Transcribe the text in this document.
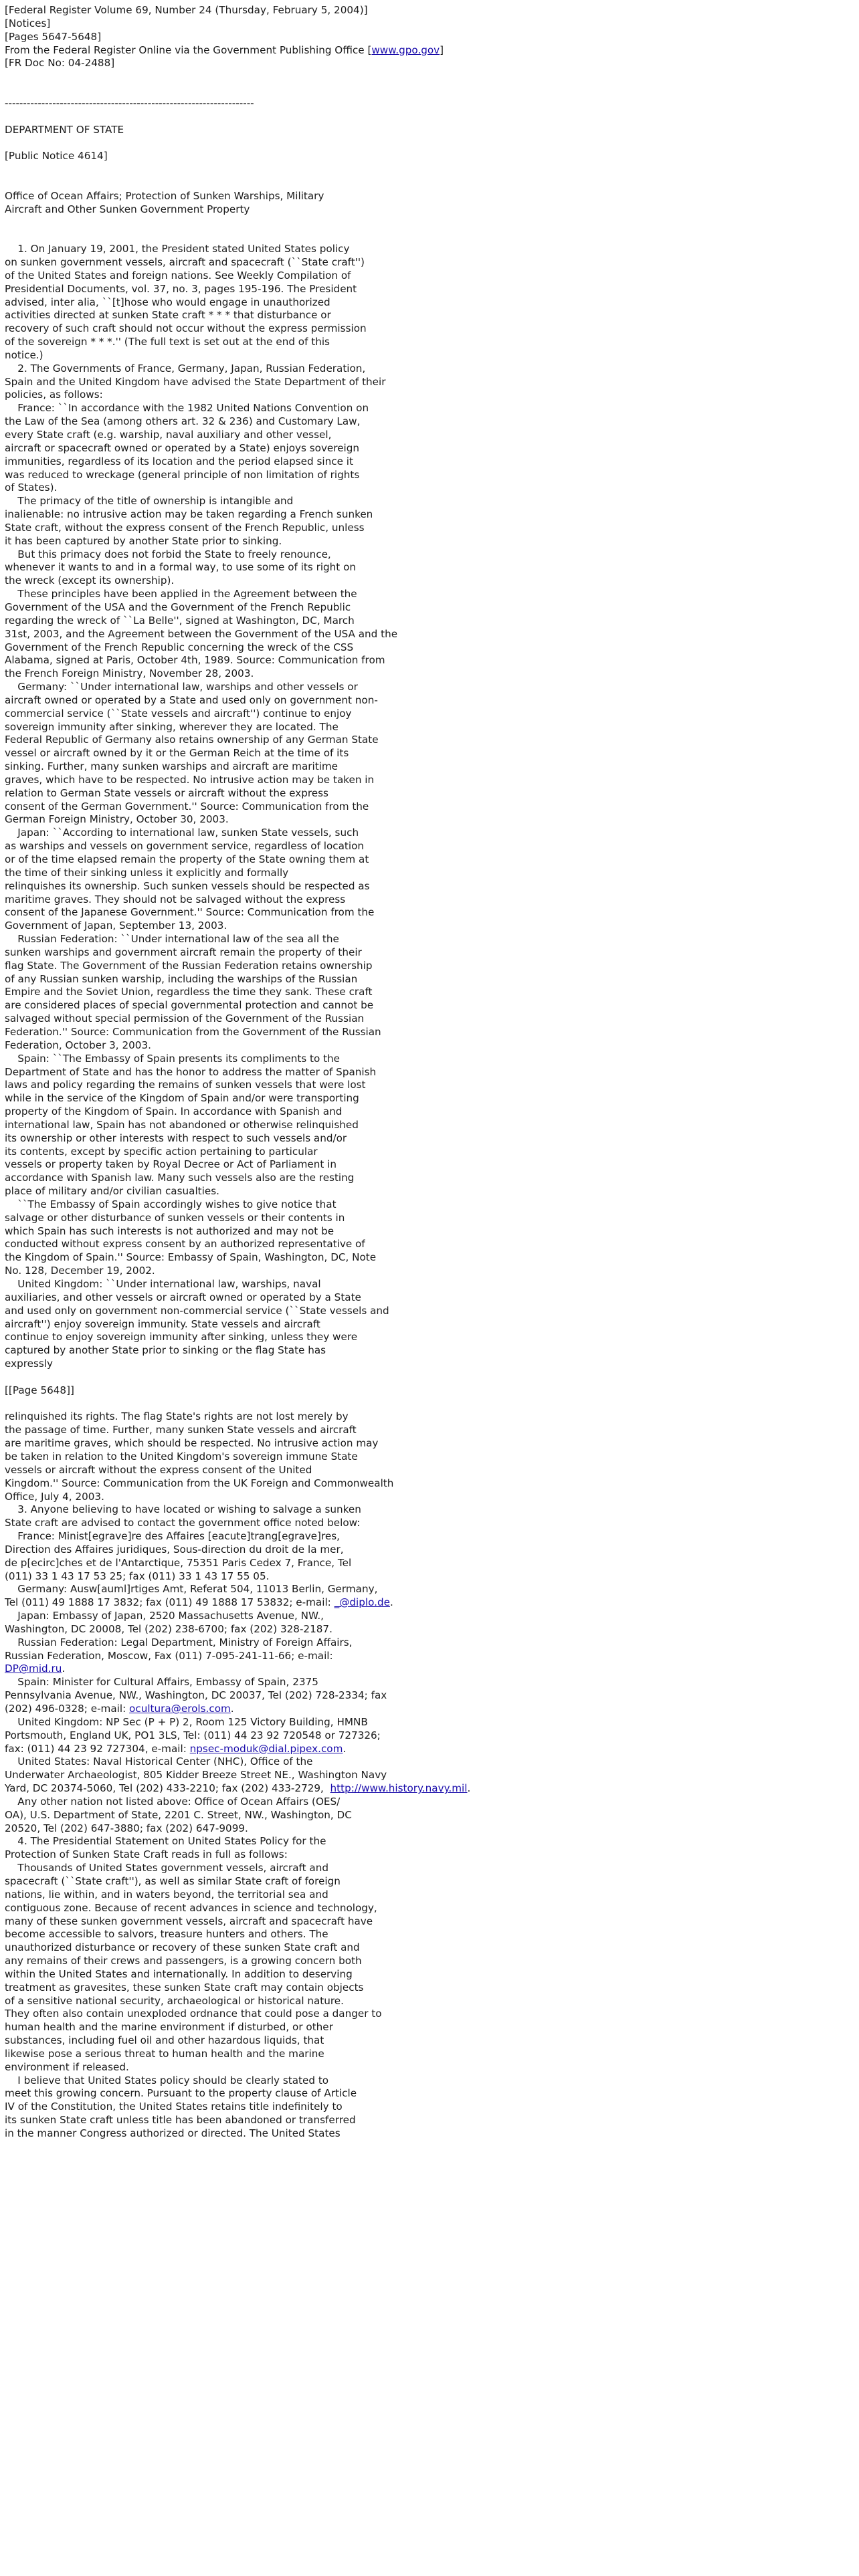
[Federal Register Volume 69, Number 24 (Thursday, February 5, 2004)]
[Notices]
[Pages 5647-5648]
From the Federal Register Online via the Government Publishing Office [www.gpo.gov]
[FR Doc No: 04-2488]

--------------------------------------------------------------------

DEPARTMENT OF STATE

[Public Notice 4614]

Office of Ocean Affairs; Protection of Sunken Warships, Military
Aircraft and Other Sunken Government Property

1. On January 19, 2001, the President stated United States policy
on sunken government vessels, aircraft and spacecraft (``State craft'')
of the United States and foreign nations. See Weekly Compilation of
Presidential Documents, vol. 37, no. 3, pages 195-196. The President
advised, inter alia, ``[t]hose who would engage in unauthorized
activities directed at sunken State craft * * * that disturbance or
recovery of such craft should not occur without the express permission
of the sovereign * * *.'' (The full text is set out at the end of this
notice.)
2. The Governments of France, Germany, Japan, Russian Federation,
Spain and the United Kingdom have advised the State Department of their
policies, as follows:
France: ``In accordance with the 1982 United Nations Convention on
the Law of the Sea (among others art. 32 & 236) and Customary Law,
every State craft (e.g. warship, naval auxiliary and other vessel,
aircraft or spacecraft owned or operated by a State) enjoys sovereign
immunities, regardless of its location and the period elapsed since it
was reduced to wreckage (general principle of non limitation of rights
of States).
The primacy of the title of ownership is intangible and
inalienable: no intrusive action may be taken regarding a French sunken
State craft, without the express consent of the French Republic, unless
it has been captured by another State prior to sinking.
But this primacy does not forbid the State to freely renounce,
whenever it wants to and in a formal way, to use some of its right on
the wreck (except its ownership).
These principles have been applied in the Agreement between the
Government of the USA and the Government of the French Republic
regarding the wreck of ``La Belle'', signed at Washington, DC, March
31st, 2003, and the Agreement between the Government of the USA and the
Government of the French Republic concerning the wreck of the CSS
Alabama, signed at Paris, October 4th, 1989. Source: Communication from
the French Foreign Ministry, November 28, 2003.
Germany: ``Under international law, warships and other vessels or
aircraft owned or operated by a State and used only on government non-
commercial service (``State vessels and aircraft'') continue to enjoy
sovereign immunity after sinking, wherever they are located. The
Federal Republic of Germany also retains ownership of any German State
vessel or aircraft owned by it or the German Reich at the time of its
sinking. Further, many sunken warships and aircraft are maritime
graves, which have to be respected. No intrusive action may be taken in
relation to German State vessels or aircraft without the express
consent of the German Government.'' Source: Communication from the
German Foreign Ministry, October 30, 2003.
Japan: ``According to international law, sunken State vessels, such
as warships and vessels on government service, regardless of location
or of the time elapsed remain the property of the State owning them at
the time of their sinking unless it explicitly and formally
relinquishes its ownership. Such sunken vessels should be respected as
maritime graves. They should not be salvaged without the express
consent of the Japanese Government.'' Source: Communication from the
Government of Japan, September 13, 2003.
Russian Federation: ``Under international law of the sea all the
sunken warships and government aircraft remain the property of their
flag State. The Government of the Russian Federation retains ownership
of any Russian sunken warship, including the warships of the Russian
Empire and the Soviet Union, regardless the time they sank. These craft
are considered places of special governmental protection and cannot be
salvaged without special permission of the Government of the Russian
Federation.'' Source: Communication from the Government of the Russian
Federation, October 3, 2003.
Spain: ``The Embassy of Spain presents its compliments to the
Department of State and has the honor to address the matter of Spanish
laws and policy regarding the remains of sunken vessels that were lost
while in the service of the Kingdom of Spain and/or were transporting
property of the Kingdom of Spain. In accordance with Spanish and
international law, Spain has not abandoned or otherwise relinquished
its ownership or other interests with respect to such vessels and/or
its contents, except by specific action pertaining to particular
vessels or property taken by Royal Decree or Act of Parliament in
accordance with Spanish law. Many such vessels also are the resting
place of military and/or civilian casualties.
``The Embassy of Spain accordingly wishes to give notice that
salvage or other disturbance of sunken vessels or their contents in
which Spain has such interests is not authorized and may not be
conducted without express consent by an authorized representative of
the Kingdom of Spain.'' Source: Embassy of Spain, Washington, DC, Note
No. 128, December 19, 2002.
United Kingdom: ``Under international law, warships, naval
auxiliaries, and other vessels or aircraft owned or operated by a State
and used only on government non-commercial service (``State vessels and
aircraft'') enjoy sovereign immunity. State vessels and aircraft
continue to enjoy sovereign immunity after sinking, unless they were
captured by another State prior to sinking or the flag State has
expressly

[[Page 5648]]

relinquished its rights. The flag State's rights are not lost merely by
the passage of time. Further, many sunken State vessels and aircraft
are maritime graves, which should be respected. No intrusive action may
be taken in relation to the United Kingdom's sovereign immune State
vessels or aircraft without the express consent of the United
Kingdom.'' Source: Communication from the UK Foreign and Commonwealth
Office, July 4, 2003.
3. Anyone believing to have located or wishing to salvage a sunken
State craft are advised to contact the government office noted below:
France: Minist[egrave]re des Affaires [eacute]trang[egrave]res,
Direction des Affaires juridiques, Sous-direction du droit de la mer,
de p[ecirc]ches et de l'Antarctique, 75351 Paris Cedex 7, France, Tel
(011) 33 1 43 17 53 25; fax (011) 33 1 43 17 55 05.
Germany: Ausw[auml]rtiges Amt, Referat 504, 11013 Berlin, Germany,
Tel (011) 49 1888 17 3832; fax (011) 49 1888 17 53832; e-mail: _@diplo.de.
Japan: Embassy of Japan, 2520 Massachusetts Avenue, NW.,
Washington, DC 20008, Tel (202) 238-6700; fax (202) 328-2187.
Russian Federation: Legal Department, Ministry of Foreign Affairs,
Russian Federation, Moscow, Fax (011) 7-095-241-11-66; e-mail:
DP@mid.ru.
Spain: Minister for Cultural Affairs, Embassy of Spain, 2375
Pennsylvania Avenue, NW., Washington, DC 20037, Tel (202) 728-2334; fax
(202) 496-0328; e-mail: ocultura@erols.com.
United Kingdom: NP Sec (P + P) 2, Room 125 Victory Building, HMNB
Portsmouth, England UK, PO1 3LS, Tel: (011) 44 23 92 720548 or 727326;
fax: (011) 44 23 92 727304, e-mail: npsec-moduk@dial.pipex.com.
United States: Naval Historical Center (NHC), Office of the
Underwater Archaeologist, 805 Kidder Breeze Street NE., Washington Navy
Yard, DC 20374-5060, Tel (202) 433-2210; fax (202) 433-2729,  http://www.history.navy.mil.
Any other nation not listed above: Office of Ocean Affairs (OES/
OA), U.S. Department of State, 2201 C. Street, NW., Washington, DC
20520, Tel (202) 647-3880; fax (202) 647-9099.
4. The Presidential Statement on United States Policy for the
Protection of Sunken State Craft reads in full as follows:
Thousands of United States government vessels, aircraft and
spacecraft (``State craft''), as well as similar State craft of foreign
nations, lie within, and in waters beyond, the territorial sea and
contiguous zone. Because of recent advances in science and technology,
many of these sunken government vessels, aircraft and spacecraft have
become accessible to salvors, treasure hunters and others. The
unauthorized disturbance or recovery of these sunken State craft and
any remains of their crews and passengers, is a growing concern both
within the United States and internationally. In addition to deserving
treatment as gravesites, these sunken State craft may contain objects
of a sensitive national security, archaeological or historical nature.
They often also contain unexploded ordnance that could pose a danger to
human health and the marine environment if disturbed, or other
substances, including fuel oil and other hazardous liquids, that
likewise pose a serious threat to human health and the marine
environment if released.
I believe that United States policy should be clearly stated to
meet this growing concern. Pursuant to the property clause of Article
IV of the Constitution, the United States retains title indefinitely to
its sunken State craft unless title has been abandoned or transferred
in the manner Congress authorized or directed. The United States
